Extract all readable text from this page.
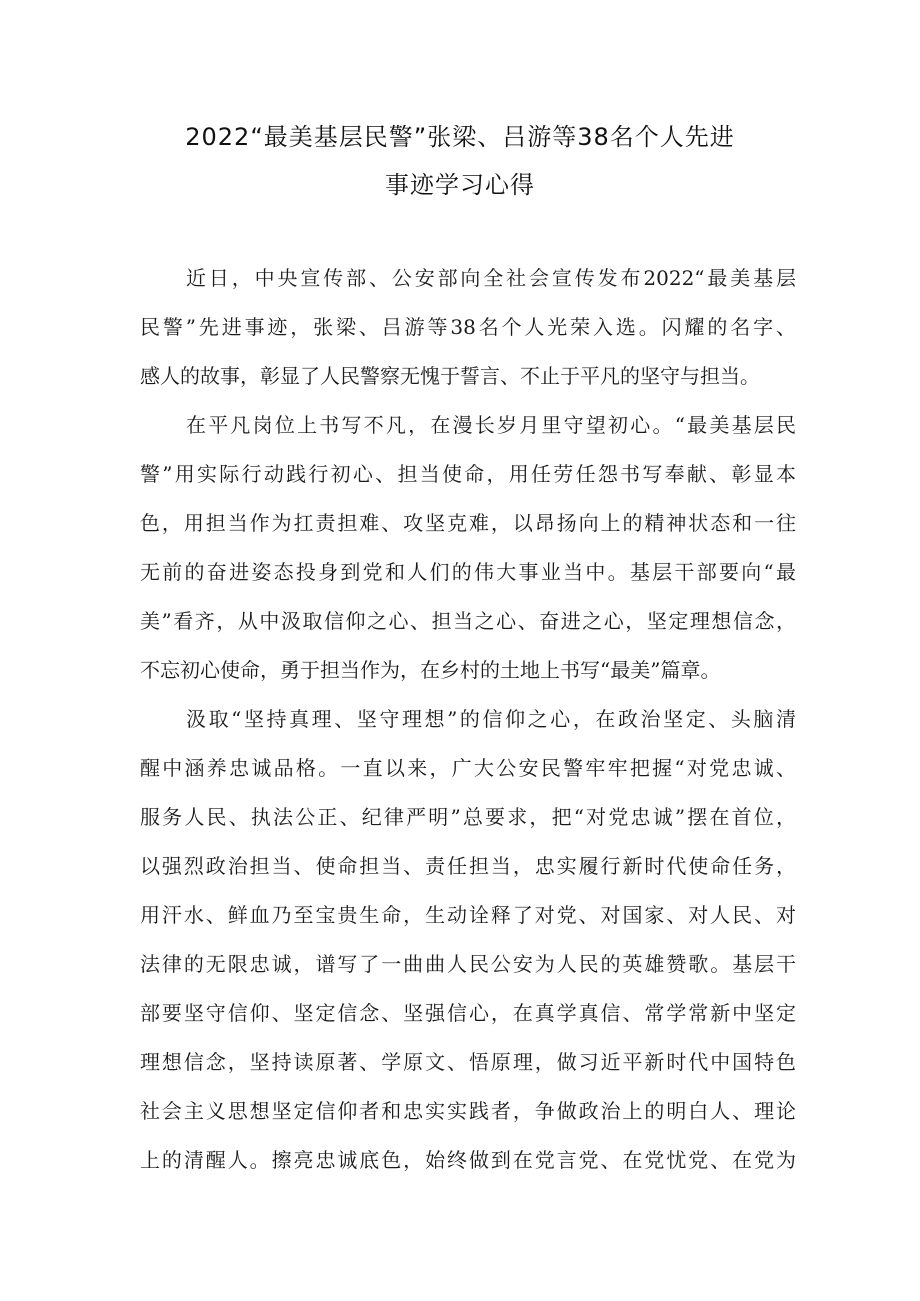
2022“最美基层民警”张梁、吕游等38名个人先进
事迹学习心得
近日，中央宣传部、公安部向全社会宣传发布2022“最美基层
民警”先进事迹，张梁、吕游等38名个人光荣入选。闪耀的名字、
感人的故事，彰显了人民警察无愧于誓言、不止于平凡的坚守与担当。
在平凡岗位上书写不凡，在漫长岁月里守望初心。“最美基层民
警”用实际行动践行初心、担当使命，用任劳任怨书写奉献、彰显本
色，用担当作为扛责担难、攻坚克难，以昂扬向上的精神状态和一往
无前的奋进姿态投身到党和人们的伟大事业当中。基层干部要向“最
美”看齐，从中汲取信仰之心、担当之心、奋进之心，坚定理想信念，
不忘初心使命，勇于担当作为，在乡村的土地上书写“最美”篇章。
汲取“坚持真理、坚守理想”的信仰之心，在政治坚定、头脑清
醒中涵养忠诚品格。一直以来，广大公安民警牢牢把握“对党忠诚、
服务人民、执法公正、纪律严明”总要求，把“对党忠诚”摆在首位，
以强烈政治担当、使命担当、责任担当，忠实履行新时代使命任务，
用汗水、鲜血乃至宝贵生命，生动诠释了对党、对国家、对人民、对
法律的无限忠诚，谱写了一曲曲人民公安为人民的英雄赞歌。基层干
部要坚守信仰、坚定信念、坚强信心，在真学真信、常学常新中坚定
理想信念，坚持读原著、学原文、悟原理，做习近平新时代中国特色
社会主义思想坚定信仰者和忠实实践者，争做政治上的明白人、理论
上的清醒人。擦亮忠诚底色，始终做到在党言党、在党忧党、在党为
